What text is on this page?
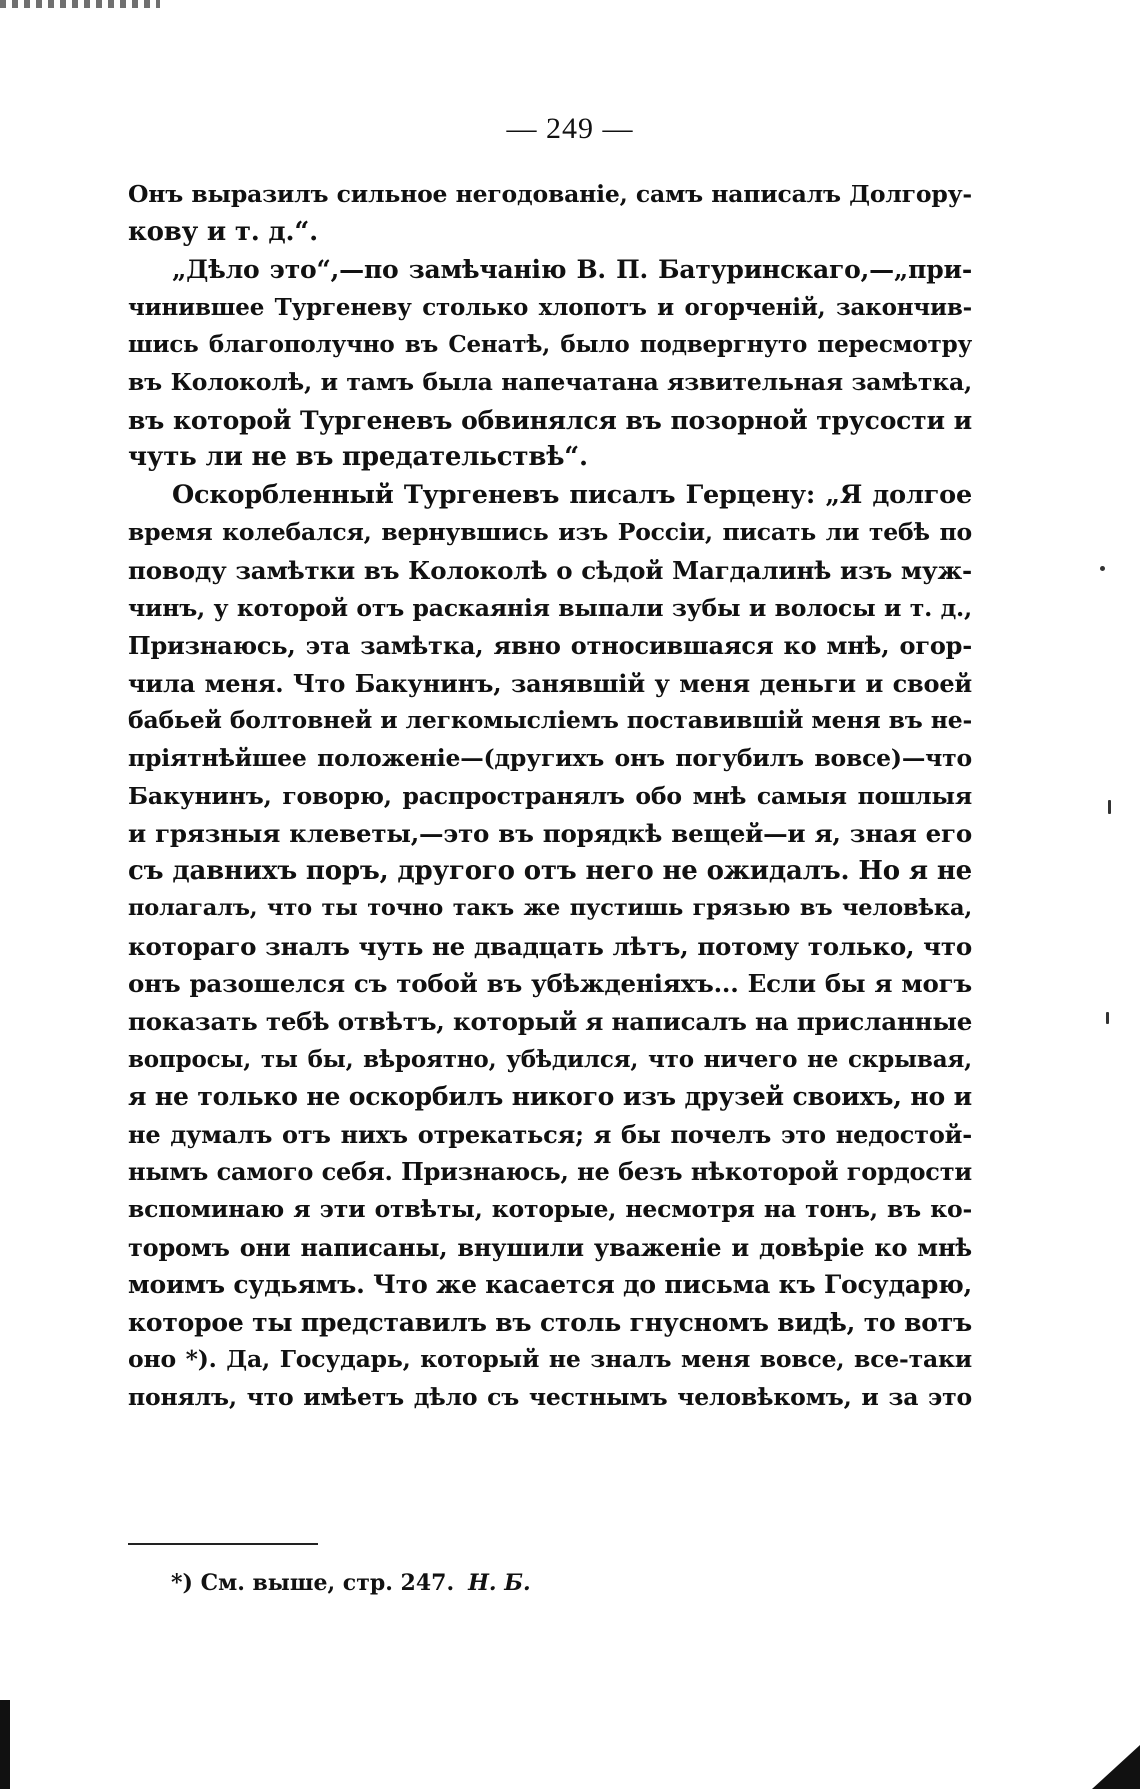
— 249 —
Онъ выразилъ сильное негодованіе, самъ написалъ Долгору-
кову и т. д.“.
„Дѣло это“,—по замѣчанію В. П. Батуринскаго,—„при-
чинившее Тургеневу столько хлопотъ и огорченій, закончив-
шись благополучно въ Сенатѣ, было подвергнуто пересмотру
въ Колоколѣ, и тамъ была напечатана язвительная замѣтка,
въ которой Тургеневъ обвинялся въ позорной трусости и
чуть ли не въ предательствѣ“.
Оскорбленный Тургеневъ писалъ Герцену: „Я долгое
время колебался, вернувшись изъ Россіи, писать ли тебѣ по
поводу замѣтки въ Колоколѣ о сѣдой Магдалинѣ изъ муж-
чинъ, у которой отъ раскаянія выпали зубы и волосы и т. д.,
Признаюсь, эта замѣтка, явно относившаяся ко мнѣ, огор-
чила меня. Что Бакунинъ, занявшій у меня деньги и своей
бабьей болтовней и легкомысліемъ поставившій меня въ не-
пріятнѣйшее положеніе—(другихъ онъ погубилъ вовсе)—что
Бакунинъ, говорю, распространялъ обо мнѣ самыя пошлыя
и грязныя клеветы,—это въ порядкѣ вещей—и я, зная его
съ давнихъ поръ, другого отъ него не ожидалъ. Но я не
полагалъ, что ты точно такъ же пустишь грязью въ человѣка,
котораго зналъ чуть не двадцать лѣтъ, потому только, что
онъ разошелся съ тобой въ убѣжденіяхъ... Если бы я могъ
показать тебѣ отвѣтъ, который я написалъ на присланные
вопросы, ты бы, вѣроятно, убѣдился, что ничего не скрывая,
я не только не оскорбилъ никого изъ друзей своихъ, но и
не думалъ отъ нихъ отрекаться; я бы почелъ это недостой-
нымъ самого себя. Признаюсь, не безъ нѣкоторой гордости
вспоминаю я эти отвѣты, которые, несмотря на тонъ, въ ко-
торомъ они написаны, внушили уваженіе и довѣріе ко мнѣ
моимъ судьямъ. Что же касается до письма къ Государю,
которое ты представилъ въ столь гнусномъ видѣ, то вотъ
оно *). Да, Государь, который не зналъ меня вовсе, все-таки
понялъ, что имѣетъ дѣло съ честнымъ человѣкомъ, и за это
*) См. выше, стр. 247. Н. Б.
